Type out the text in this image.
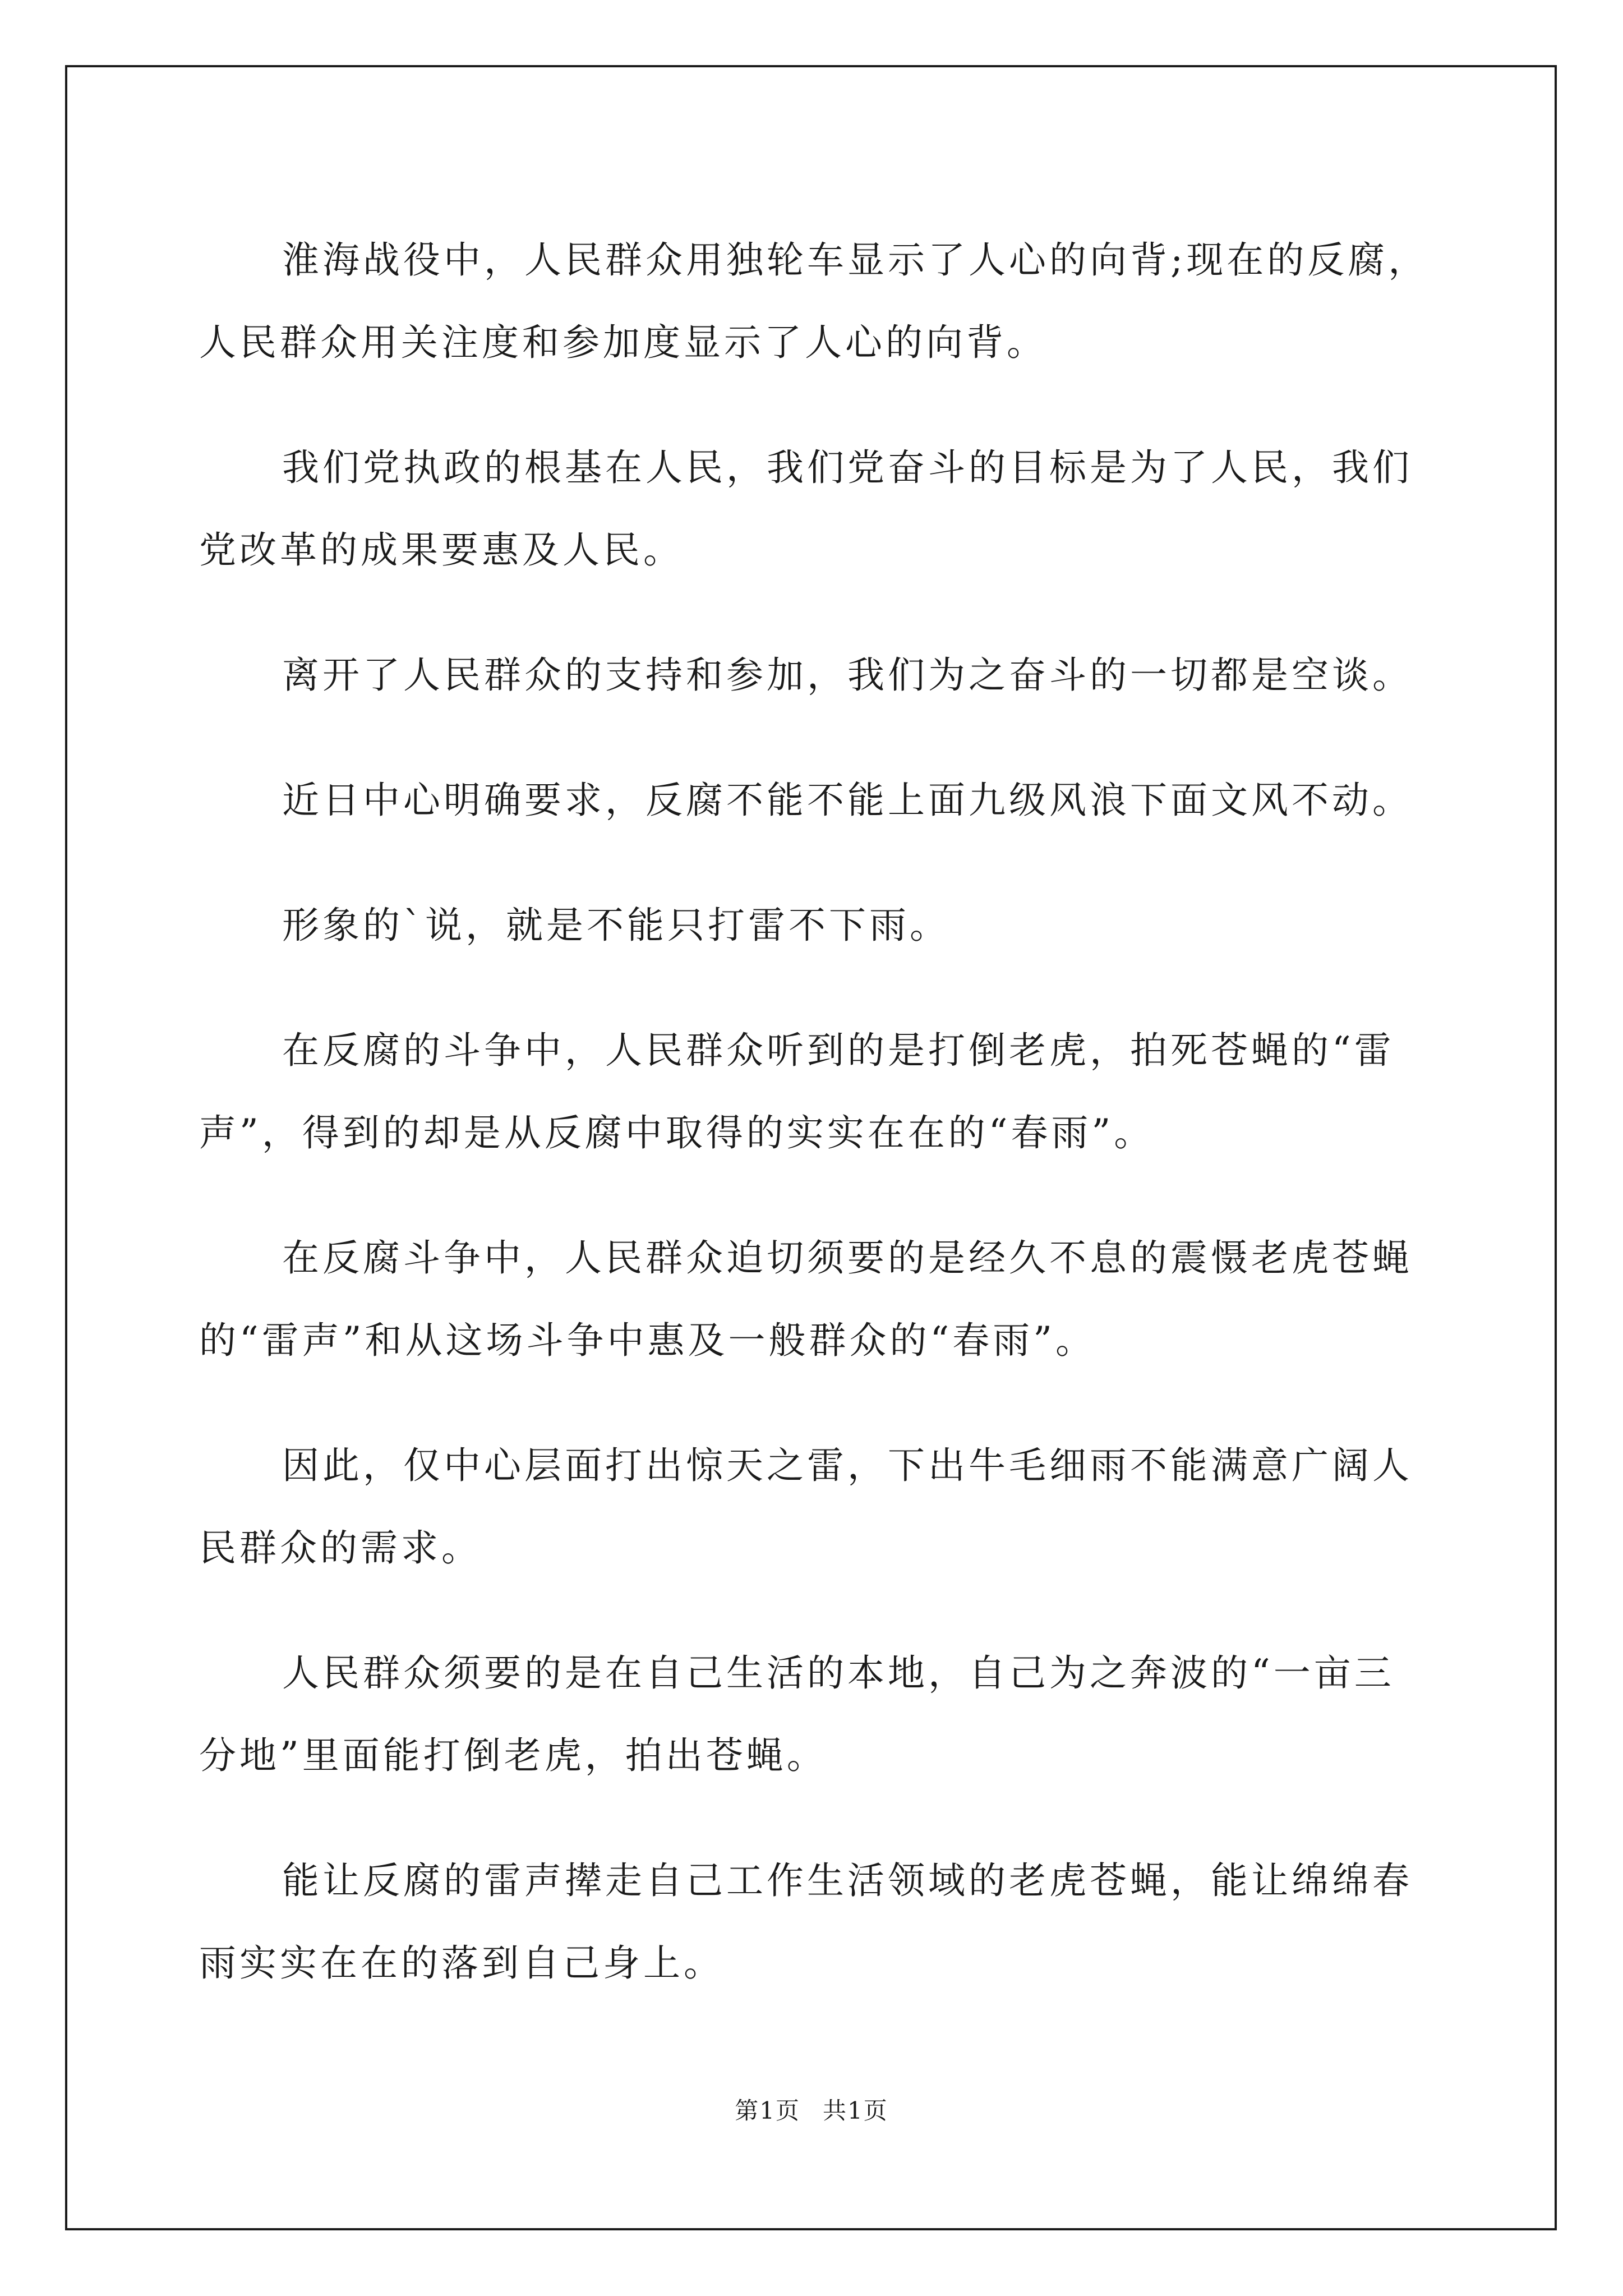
淮海战役中，人民群众用独轮车显示了人心的向背;现在的反腐，人民群众用关注度和参加度显示了人心的向背。

我们党执政的根基在人民，我们党奋斗的目标是为了人民，我们党改革的成果要惠及人民。

离开了人民群众的支持和参加，我们为之奋斗的一切都是空谈。

近日中心明确要求，反腐不能不能上面九级风浪下面文风不动。

形象的`说，就是不能只打雷不下雨。

在反腐的斗争中，人民群众听到的是打倒老虎，拍死苍蝇的“雷声”，得到的却是从反腐中取得的实实在在的“春雨”。

在反腐斗争中，人民群众迫切须要的是经久不息的震慑老虎苍蝇的“雷声”和从这场斗争中惠及一般群众的“春雨”。

因此，仅中心层面打出惊天之雷，下出牛毛细雨不能满意广阔人民群众的需求。

人民群众须要的是在自己生活的本地，自己为之奔波的“一亩三分地”里面能打倒老虎，拍出苍蝇。

能让反腐的雷声撵走自己工作生活领域的老虎苍蝇，能让绵绵春雨实实在在的落到自己身上。

第1页 共1页
